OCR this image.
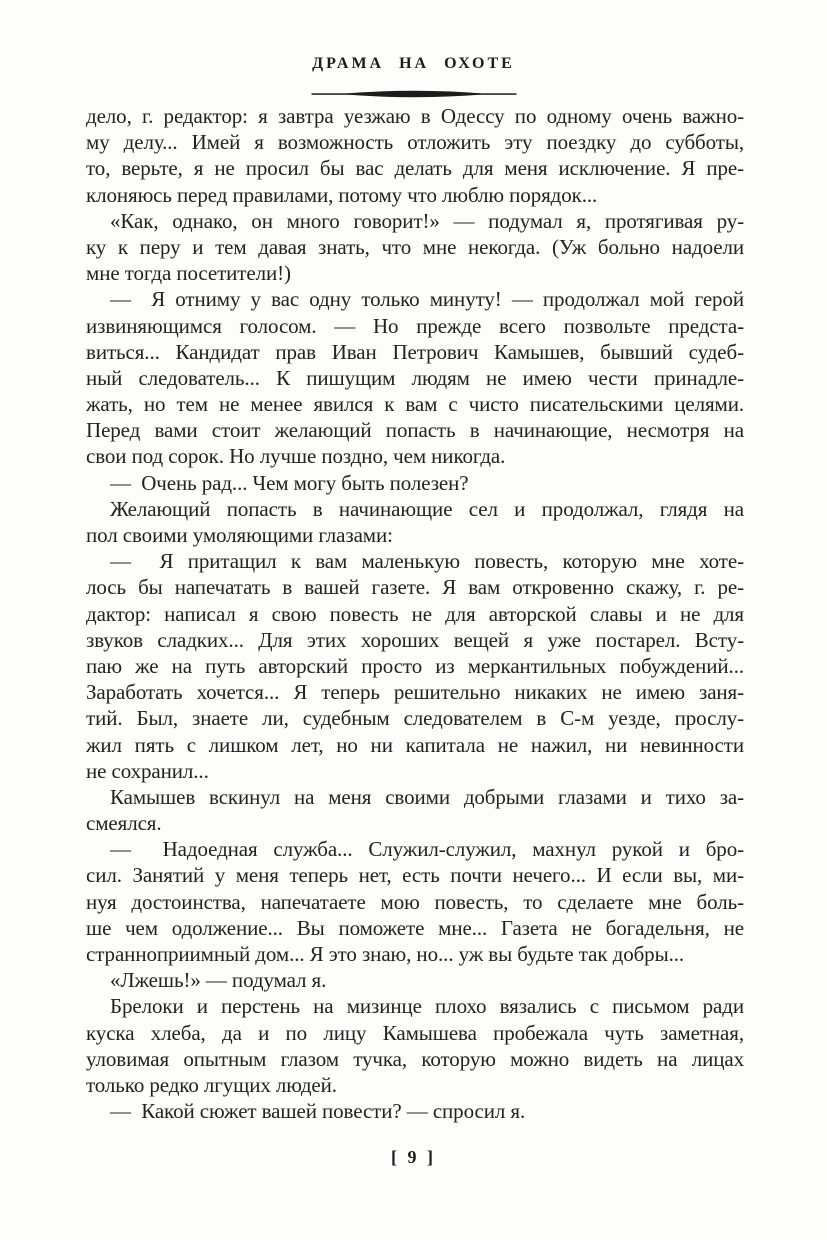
ДРАМА НА ОХОТЕ
дело, г. редактор: я завтра уезжаю в Одессу по одному очень важно-
му делу... Имей я возможность отложить эту поездку до субботы,
то, верьте, я не просил бы вас делать для меня исключение. Я пре-
клоняюсь перед правилами, потому что люблю порядок...
«Как, однако, он много говорит!» — подумал я, протягивая ру-
ку к перу и тем давая знать, что мне некогда. (Уж больно надоели
мне тогда посетители!)
—  Я отниму у вас одну только минуту! — продолжал мой герой
извиняющимся голосом. — Но прежде всего позвольте предста-
виться... Кандидат прав Иван Петрович Камышев, бывший судеб-
ный следователь... К пишущим людям не имею чести принадле-
жать, но тем не менее явился к вам с чисто писательскими целями.
Перед вами стоит желающий попасть в начинающие, несмотря на
свои под сорок. Но лучше поздно, чем никогда.
—  Очень рад... Чем могу быть полезен?
Желающий попасть в начинающие сел и продолжал, глядя на
пол своими умоляющими глазами:
—  Я притащил к вам маленькую повесть, которую мне хоте-
лось бы напечатать в вашей газете. Я вам откровенно скажу, г. ре-
дактор: написал я свою повесть не для авторской славы и не для
звуков сладких... Для этих хороших вещей я уже постарел. Всту-
паю же на путь авторский просто из меркантильных побуждений...
Заработать хочется... Я теперь решительно никаких не имею заня-
тий. Был, знаете ли, судебным следователем в С-м уезде, прослу-
жил пять с лишком лет, но ни капитала не нажил, ни невинности
не сохранил...
Камышев вскинул на меня своими добрыми глазами и тихо за-
смеялся.
—  Надоедная служба... Служил-служил, махнул рукой и бро-
сил. Занятий у меня теперь нет, есть почти нечего... И если вы, ми-
нуя достоинства, напечатаете мою повесть, то сделаете мне боль-
ше чем одолжение... Вы поможете мне... Газета не богадельня, не
странноприимный дом... Я это знаю, но... уж вы будьте так добры...
«Лжешь!» — подумал я.
Брелоки и перстень на мизинце плохо вязались с письмом ради
куска хлеба, да и по лицу Камышева пробежала чуть заметная,
уловимая опытным глазом тучка, которую можно видеть на лицах
только редко лгущих людей.
—  Какой сюжет вашей повести? — спросил я.
[ 9 ]
